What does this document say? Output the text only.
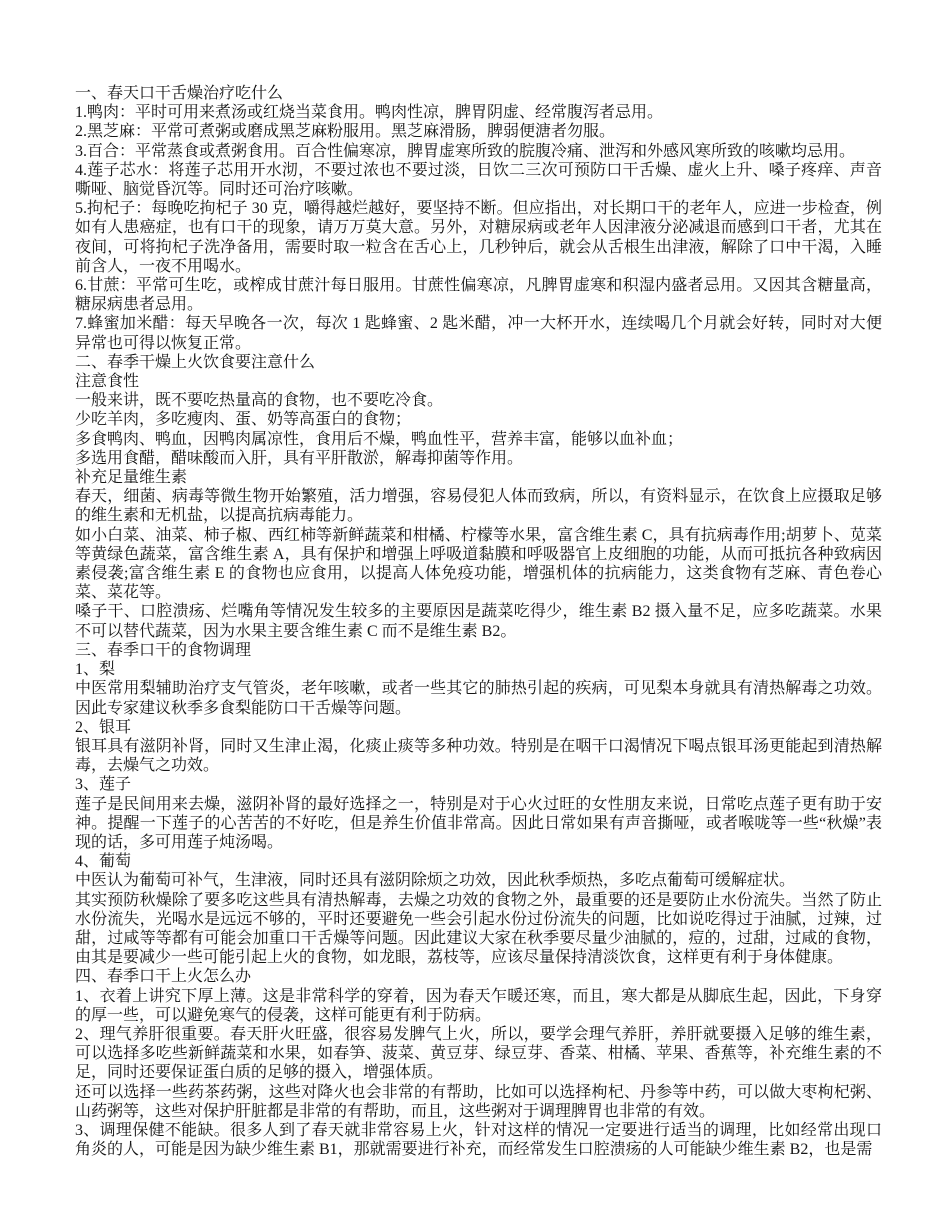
一、春天口干舌燥治疗吃什么

1.鸭肉：平时可用来煮汤或红烧当菜食用。鸭肉性凉，脾胃阴虚、经常腹泻者忌用。

2.黑芝麻：平常可煮粥或磨成黑芝麻粉服用。黑芝麻滑肠，脾弱便溏者勿服。

3.百合：平常蒸食或煮粥食用。百合性偏寒凉，脾胃虚寒所致的脘腹冷痛、泄泻和外感风寒所致的咳嗽均忌用。

4.莲子芯水：将莲子芯用开水沏，不要过浓也不要过淡，日饮二三次可预防口干舌燥、虚火上升、嗓子疼痒、声音嘶哑、脑觉昏沉等。同时还可治疗咳嗽。

5.拘杞子：每晚吃拘杞子 30 克，嚼得越烂越好，要坚持不断。但应指出，对长期口干的老年人，应进一步检查，例如有人患癌症，也有口干的现象，请万万莫大意。另外，对糖尿病或老年人因津液分泌减退而感到口干者，尤其在夜间，可将拘杞子洗净备用，需要时取一粒含在舌心上，几秒钟后，就会从舌根生出津液，解除了口中干渴，入睡前含人，一夜不用喝水。

6.甘蔗：平常可生吃，或榨成甘蔗汁每日服用。甘蔗性偏寒凉，凡脾胃虚寒和积湿内盛者忌用。又因其含糖量高，糖尿病患者忌用。

7.蜂蜜加米醋：每天早晚各一次，每次 1 匙蜂蜜、2 匙米醋，冲一大杯开水，连续喝几个月就会好转，同时对大便异常也可得以恢复正常。

二、春季干燥上火饮食要注意什么

注意食性

一般来讲，既不要吃热量高的食物，也不要吃冷食。

少吃羊肉，多吃瘦肉、蛋、奶等高蛋白的食物；

多食鸭肉、鸭血，因鸭肉属凉性，食用后不燥，鸭血性平，营养丰富，能够以血补血；

多选用食醋，醋味酸而入肝，具有平肝散淤，解毒抑菌等作用。

补充足量维生素

春天，细菌、病毒等微生物开始繁殖，活力增强，容易侵犯人体而致病，所以，有资料显示，在饮食上应摄取足够的维生素和无机盐，以提高抗病毒能力。

如小白菜、油菜、柿子椒、西红柿等新鲜蔬菜和柑橘、柠檬等水果，富含维生素 C，具有抗病毒作用;胡萝卜、苋菜等黄绿色蔬菜，富含维生素 A，具有保护和增强上呼吸道黏膜和呼吸器官上皮细胞的功能，从而可抵抗各种致病因素侵袭;富含维生素 E 的食物也应食用，以提高人体免疫功能，增强机体的抗病能力，这类食物有芝麻、青色卷心菜、菜花等。

嗓子干、口腔溃疡、烂嘴角等情况发生较多的主要原因是蔬菜吃得少，维生素 B2 摄入量不足，应多吃蔬菜。水果不可以替代蔬菜，因为水果主要含维生素 C 而不是维生素 B2。

三、春季口干的食物调理

1、梨

中医常用梨辅助治疗支气管炎，老年咳嗽，或者一些其它的肺热引起的疾病，可见梨本身就具有清热解毒之功效。因此专家建议秋季多食梨能防口干舌燥等问题。

2、银耳

银耳具有滋阴补肾，同时又生津止渴，化痰止痰等多种功效。特别是在咽干口渴情况下喝点银耳汤更能起到清热解毒，去燥气之功效。

3、莲子

莲子是民间用来去燥，滋阴补肾的最好选择之一，特别是对于心火过旺的女性朋友来说，日常吃点莲子更有助于安神。提醒一下莲子的心苦苦的不好吃，但是养生价值非常高。因此日常如果有声音撕哑，或者喉咙等一些“秋燥”表现的话，多可用莲子炖汤喝。

4、葡萄

中医认为葡萄可补气，生津液，同时还具有滋阴除烦之功效，因此秋季烦热，多吃点葡萄可缓解症状。

其实预防秋燥除了要多吃这些具有清热解毒，去燥之功效的食物之外，最重要的还是要防止水份流失。当然了防止水份流失，光喝水是远远不够的，平时还要避免一些会引起水份过份流失的问题，比如说吃得过于油腻，过辣，过甜，过咸等等都有可能会加重口干舌燥等问题。因此建议大家在秋季要尽量少油腻的，痘的，过甜，过咸的食物，由其是要减少一些可能引起上火的食物，如龙眼，荔枝等，应该尽量保持清淡饮食，这样更有利于身体健康。

四、春季口干上火怎么办

1、衣着上讲究下厚上薄。这是非常科学的穿着，因为春天乍暖还寒，而且，寒大都是从脚底生起，因此，下身穿的厚一些，可以避免寒气的侵袭，这样可能更有利于防病。

2、理气养肝很重要。春天肝火旺盛，很容易发脾气上火，所以，要学会理气养肝，养肝就要摄入足够的维生素，可以选择多吃些新鲜蔬菜和水果，如春笋、菠菜、黄豆芽、绿豆芽、香菜、柑橘、苹果、香蕉等，补充维生素的不足，同时还要保证蛋白质的足够的摄入，增强体质。

还可以选择一些药茶药粥，这些对降火也会非常的有帮助，比如可以选择枸杞、丹参等中药，可以做大枣枸杞粥、山药粥等，这些对保护肝脏都是非常的有帮助，而且，这些粥对于调理脾胃也非常的有效。

3、调理保健不能缺。很多人到了春天就非常容易上火，针对这样的情况一定要进行适当的调理，比如经常出现口角炎的人，可能是因为缺少维生素 B1，那就需要进行补充，而经常发生口腔溃疡的人可能缺少维生素 B2，也是需
